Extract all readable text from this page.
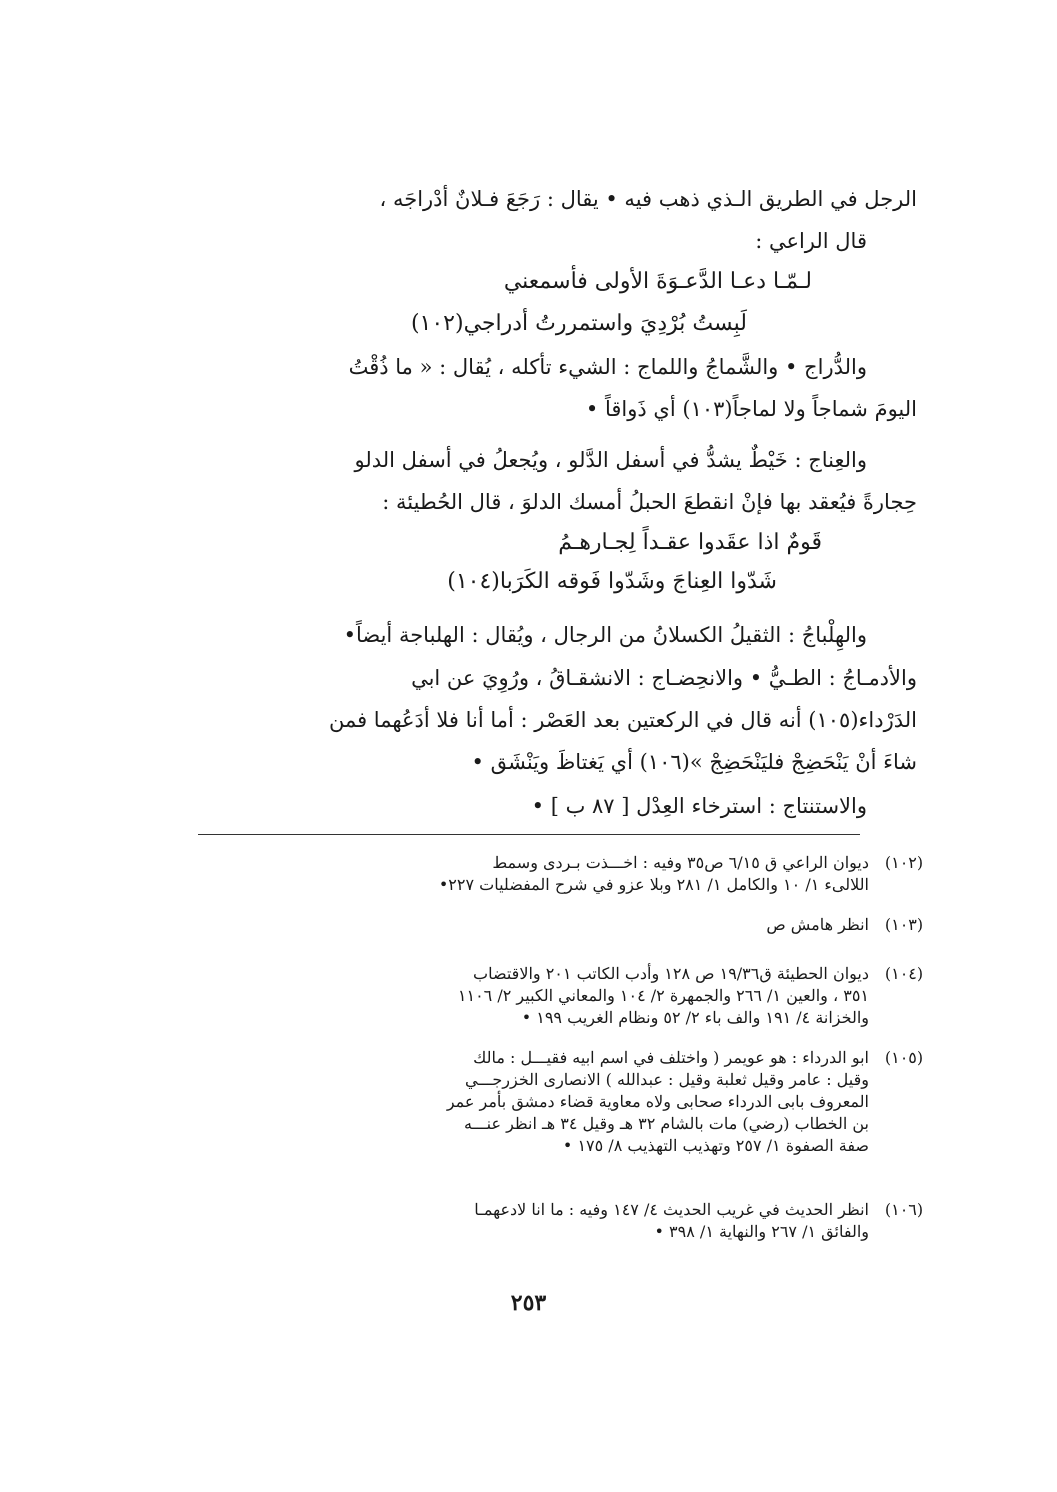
الرجل في الطريق الـذي ذهب فيه • يقال : رَجَعَ فـلانٌ أدْراجَه ،
قال الراعي :
لـمّـا دعـا الدَّعـوَةَ الأولى فأسمعني
لَبِستُ بُرْدِيَ واستمررتُ أدراجي(١٠٢)
والدُّراج • والشَّماجُ واللماج : الشيء تأكله ، يُقال : « ما ذُقْتُ
اليومَ شماجاً ولا لماجاً(١٠٣) أي ذَواقاً •
والعِناج : خَيْطٌ يشدُّ في أسفل الدَّلو ، ويُجعلُ في أسفل الدلو
حِجارةً فيُعقد بها فإنْ انقطعَ الحبلُ أمسك الدلوَ ، قال الحُطيئة :
قَومٌ اذا عقَدوا عقـداً لِجـارهـمُ
شَدّوا العِناجَ وشَدّوا فَوقه الكَرَبا(١٠٤)
والهِلْباجُ : الثقيلُ الكسلانُ من الرجال ، ويُقال : الهلباجة أيضاً•
والأدمـاجُ : الطـيُّ • والانحِضـاج : الانشقـاقُ ، ورُوِيَ عن ابي
الدَرْداء(١٠٥) أنه قال في الركعتين بعد العَصْر : أما أنا فلا أدَعُهما فمن
شاءَ أنْ يَنْحَضِجْ فليَنْحَضِجْ »(١٠٦) أي يَغتاظَ ويَنْشَق •
والاستنتاج : استرخاء العِدْل [ ٨٧ ب ] •
(١٠٢)
ديوان الراعي ق ٦/١٥ ص٣٥ وفيه : اخـــذت بـردى وسمط
اللالىء ١/ ١٠ والكامل ١/ ٢٨١ وبلا عزو في شرح المفضليات ٢٢٧•
(١٠٣)
انظر هامش ص
(١٠٤)
ديوان الحطيئة ق١٩/٣٦ ص ١٢٨ وأدب الكاتب ٢٠١ والاقتضاب
٣٥١ ، والعين ١/ ٢٦٦ والجمهرة ٢/ ١٠٤ والمعاني الكبير ٢/ ١١٠٦
والخزانة ٤/ ١٩١ والف باء ٢/ ٥٢ ونظام الغريب ١٩٩ •
(١٠٥)
ابو الدرداء : هو عويمر ( واختلف في اسم ابيه فقيـــل : مالك
وقيل : عامر وقيل ثعلبة وقيل : عبدالله ) الانصارى الخزرجـــي
المعروف بابى الدرداء صحابى ولاه معاوية قضاء دمشق بأمر عمر
بن الخطاب (رضي) مات بالشام ٣٢ هـ وقيل ٣٤ هـ انظر عنـــه
صفة الصفوة ١/ ٢٥٧ وتهذيب التهذيب ٨/ ١٧٥ •
(١٠٦)
انظر الحديث في غريب الحديث ٤/ ١٤٧ وفيه : ما انا لادعهمـا
والفائق ١/ ٢٦٧ والنهاية ١/ ٣٩٨ •
٢٥٣
